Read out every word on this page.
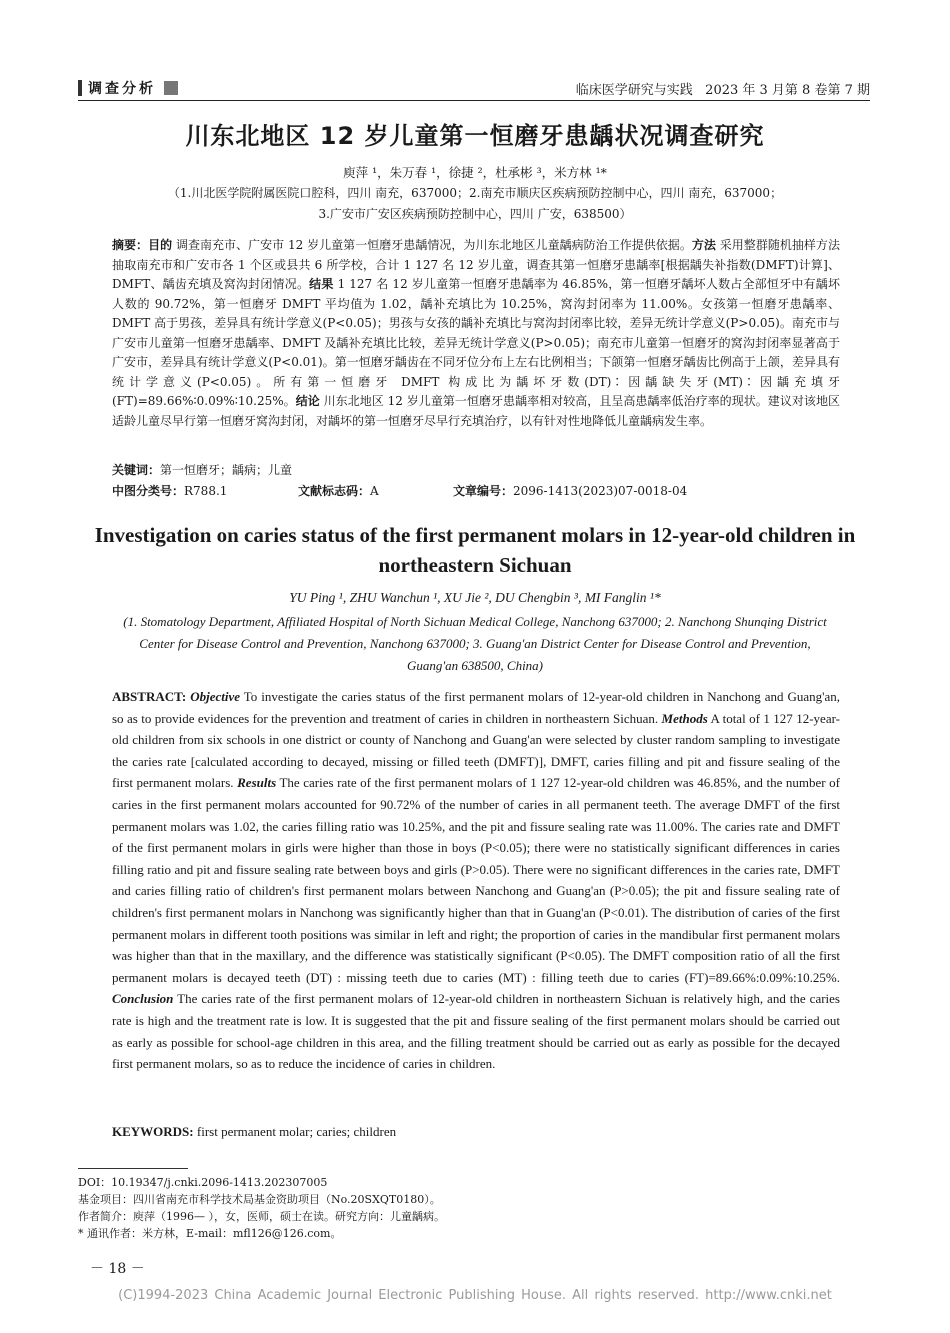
调查分析	临床医学研究与实践 2023 年 3 月第 8 卷第 7 期
川东北地区 12 岁儿童第一恒磨牙患龋状况调查研究
庾萍 ¹，朱万春 ¹，徐捷 ²，杜承彬 ³，米方林 ¹*
（1.川北医学院附属医院口腔科，四川 南充，637000；2.南充市顺庆区疾病预防控制中心，四川 南充，637000；
3.广安市广安区疾病预防控制中心，四川 广安，638500）
摘要：目的 调查南充市、广安市 12 岁儿童第一恒磨牙患龋情况，为川东北地区儿童龋病防治工作提供依据。方法 采用整群随机抽样方法抽取南充市和广安市各 1 个区或县共 6 所学校，合计 1 127 名 12 岁儿童，调查其第一恒磨牙患龋率[根据龋失补指数(DMFT)计算]、DMFT、龋齿充填及窝沟封闭情况。结果 1 127 名 12 岁儿童第一恒磨牙患龋率为 46.85%，第一恒磨牙龋坏人数占全部恒牙中有龋坏人数的 90.72%，第一恒磨牙 DMFT 平均值为 1.02，龋补充填比为 10.25%，窝沟封闭率为 11.00%。女孩第一恒磨牙患龋率、DMFT 高于男孩，差异具有统计学意义(P<0.05)；男孩与女孩的龋补充填比与窝沟封闭率比较，差异无统计学意义(P>0.05)。南充市与广安市儿童第一恒磨牙患龋率、DMFT 及龋补充填比比较，差异无统计学意义(P>0.05)；南充市儿童第一恒磨牙的窝沟封闭率显著高于广安市，差异具有统计学意义(P<0.01)。第一恒磨牙龋齿在不同牙位分布上左右比例相当；下颌第一恒磨牙龋齿比例高于上颌，差异具有统计学意义(P<0.05)。所有第一恒磨牙 DMFT 构成比为龋坏牙数(DT)∶因龋缺失牙(MT)∶因龋充填牙(FT)=89.66%∶0.09%∶10.25%。结论 川东北地区 12 岁儿童第一恒磨牙患龋率相对较高，且呈高患龋率低治疗率的现状。建议对该地区适龄儿童尽早行第一恒磨牙窝沟封闭，对龋坏的第一恒磨牙尽早行充填治疗，以有针对性地降低儿童龋病发生率。
关键词：第一恒磨牙；龋病；儿童
中图分类号：R788.1	文献标志码：A	文章编号：2096-1413(2023)07-0018-04
Investigation on caries status of the first permanent molars in 12-year-old children in northeastern Sichuan
YU Ping ¹, ZHU Wanchun ¹, XU Jie ², DU Chengbin ³, MI Fanglin ¹*
(1. Stomatology Department, Affiliated Hospital of North Sichuan Medical College, Nanchong 637000; 2. Nanchong Shunqing District Center for Disease Control and Prevention, Nanchong 637000; 3. Guang'an District Center for Disease Control and Prevention, Guang'an 638500, China)
ABSTRACT: Objective To investigate the caries status of the first permanent molars of 12-year-old children in Nanchong and Guang'an, so as to provide evidences for the prevention and treatment of caries in children in northeastern Sichuan. Methods A total of 1 127 12-year-old children from six schools in one district or county of Nanchong and Guang'an were selected by cluster random sampling to investigate the caries rate [calculated according to decayed, missing or filled teeth (DMFT)], DMFT, caries filling and pit and fissure sealing of the first permanent molars. Results The caries rate of the first permanent molars of 1 127 12-year-old children was 46.85%, and the number of caries in the first permanent molars accounted for 90.72% of the number of caries in all permanent teeth. The average DMFT of the first permanent molars was 1.02, the caries filling ratio was 10.25%, and the pit and fissure sealing rate was 11.00%. The caries rate and DMFT of the first permanent molars in girls were higher than those in boys (P<0.05); there were no statistically significant differences in caries filling ratio and pit and fissure sealing rate between boys and girls (P>0.05). There were no significant differences in the caries rate, DMFT and caries filling ratio of children's first permanent molars between Nanchong and Guang'an (P>0.05); the pit and fissure sealing rate of children's first permanent molars in Nanchong was significantly higher than that in Guang'an (P<0.01). The distribution of caries of the first permanent molars in different tooth positions was similar in left and right; the proportion of caries in the mandibular first permanent molars was higher than that in the maxillary, and the difference was statistically significant (P<0.05). The DMFT composition ratio of all the first permanent molars is decayed teeth (DT) : missing teeth due to caries (MT) : filling teeth due to caries (FT)=89.66%:0.09%:10.25%. Conclusion The caries rate of the first permanent molars of 12-year-old children in northeastern Sichuan is relatively high, and the caries rate is high and the treatment rate is low. It is suggested that the pit and fissure sealing of the first permanent molars should be carried out as early as possible for school-age children in this area, and the filling treatment should be carried out as early as possible for the decayed first permanent molars, so as to reduce the incidence of caries in children.
KEYWORDS: first permanent molar; caries; children
DOI：10.19347/j.cnki.2096-1413.202307005
基金项目：四川省南充市科学技术局基金资助项目（No.20SXQT0180）。
作者简介：庾萍（1996— ），女，医师，硕士在读。研究方向：儿童龋病。
* 通讯作者：米方林，E-mail：mfl126@126.com。
－ 18 －
(C)1994-2023 China Academic Journal Electronic Publishing House. All rights reserved. http://www.cnki.net
